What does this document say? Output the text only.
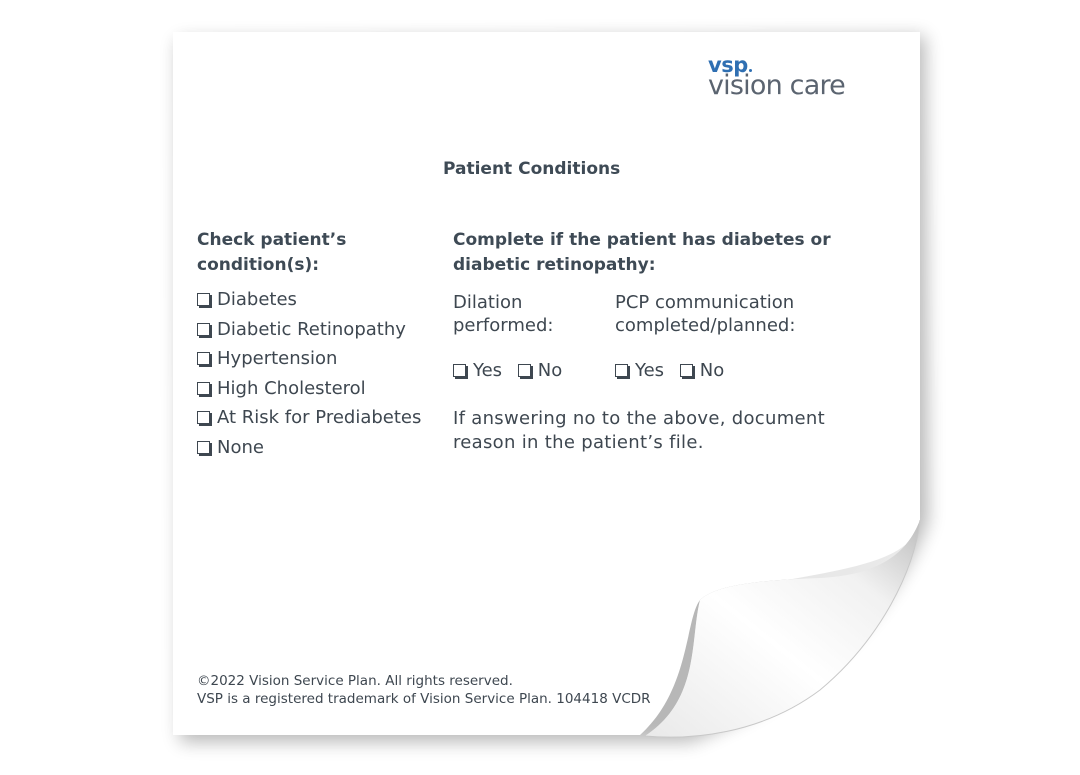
vsp
vision care
Patient Conditions
Check patient’s condition(s):
Diabetes
Diabetic Retinopathy
Hypertension
High Cholesterol
At Risk for Prediabetes
None
Complete if the patient has diabetes or diabetic retinopathy:
Dilation performed:
PCP communication completed/planned:
Yes No	Yes No
If answering no to the above, document reason in the patient’s file.
©2022 Vision Service Plan. All rights reserved.
VSP is a registered trademark of Vision Service Plan. 104418 VCDR
